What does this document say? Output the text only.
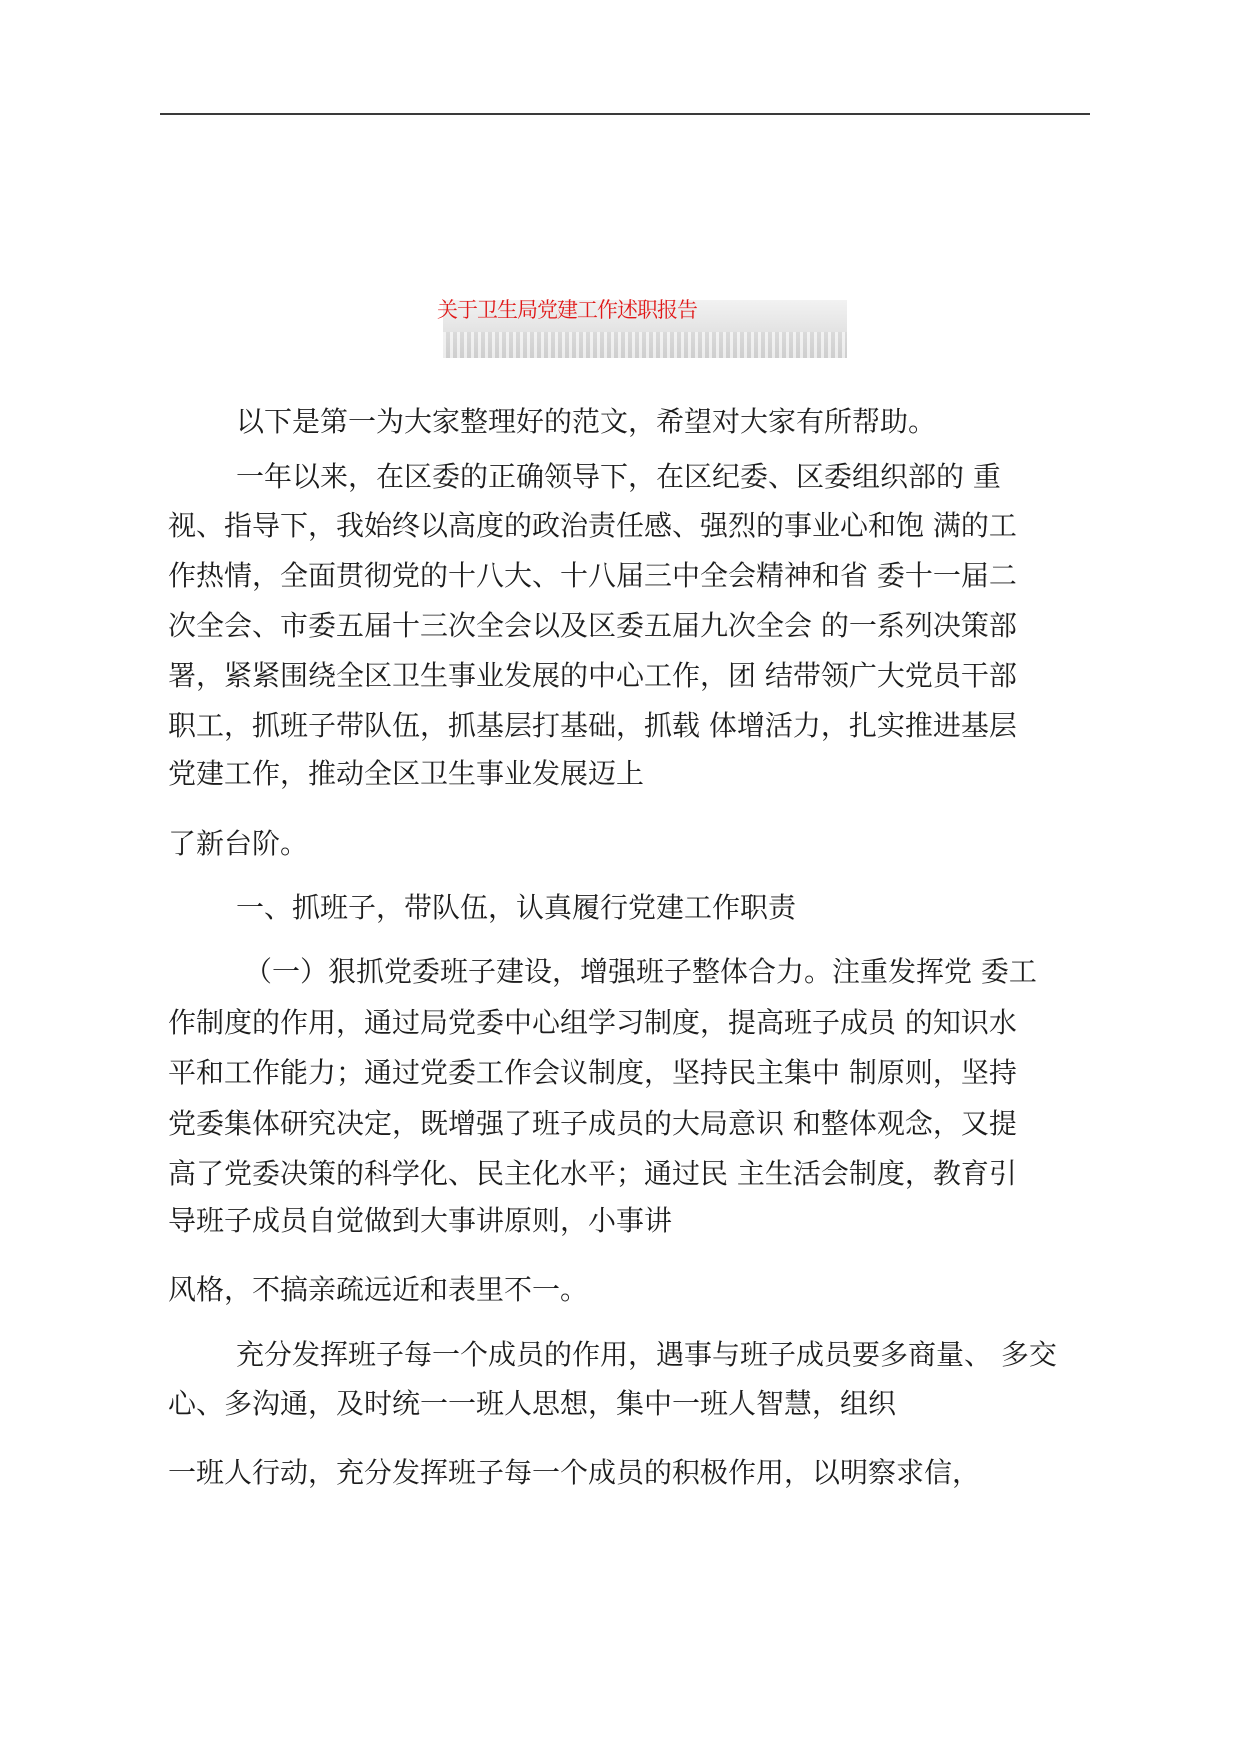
关于卫生局党建工作述职报告
以下是第一为大家整理好的范文，希望对大家有所帮助。
一年以来，在区委的正确领导下，在区纪委、区委组织部的 重
视、指导下，我始终以高度的政治责任感、强烈的事业心和饱 满的工
作热情，全面贯彻党的十八大、十八届三中全会精神和省 委十一届二
次全会、市委五届十三次全会以及区委五届九次全会 的一系列决策部
署，紧紧围绕全区卫生事业发展的中心工作，团 结带领广大党员干部
职工，抓班子带队伍，抓基层打基础，抓载 体增活力，扎实推进基层
党建工作，推动全区卫生事业发展迈上
了新台阶。
一、抓班子，带队伍，认真履行党建工作职责
（一）狠抓党委班子建设，增强班子整体合力。注重发挥党 委工
作制度的作用，通过局党委中心组学习制度，提高班子成员 的知识水
平和工作能力；通过党委工作会议制度，坚持民主集中 制原则，坚持
党委集体研究决定，既增强了班子成员的大局意识 和整体观念，又提
高了党委决策的科学化、民主化水平；通过民 主生活会制度，教育引
导班子成员自觉做到大事讲原则，小事讲
风格，不搞亲疏远近和表里不一。
充分发挥班子每一个成员的作用，遇事与班子成员要多商量、 多交
心、多沟通，及时统一一班人思想，集中一班人智慧，组织
一班人行动，充分发挥班子每一个成员的积极作用，以明察求信，
